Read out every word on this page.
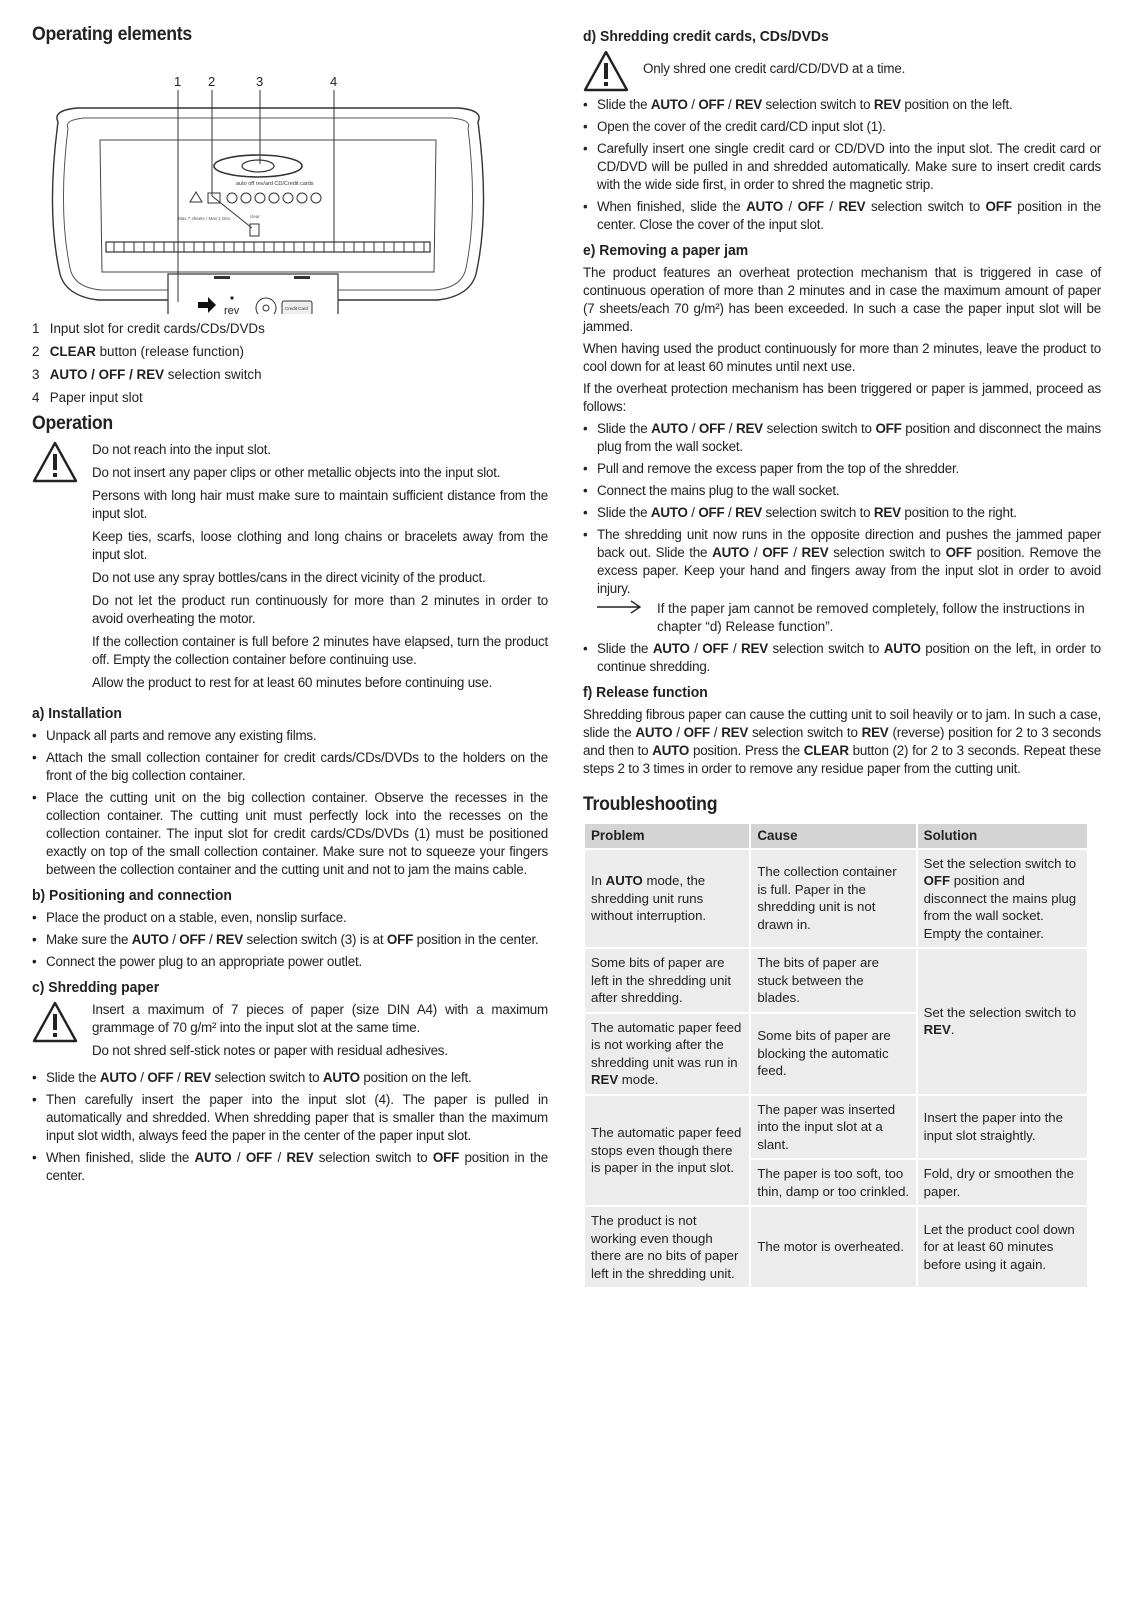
Operating elements
1 2	3	4
auto off rev/ard CD/Credit cards
Max 7 sheets / Max 1 Disc	clear
rev	Credit Card
1 Input slot for credit cards/CDs/DVDs
2 CLEAR button (release function)
3 AUTO / OFF / REV selection switch
4 Paper input slot
Operation
Do not reach into the input slot.
Do not insert any paper clips or other metallic objects into the input slot.
Persons with long hair must make sure to maintain sufficient distance from the input slot.
Keep ties, scarfs, loose clothing and long chains or bracelets away from the input slot.
Do not use any spray bottles/cans in the direct vicinity of the product.
Do not let the product run continuously for more than 2 minutes in order to avoid overheating the motor.
If the collection container is full before 2 minutes have elapsed, turn the product off. Empty the collection container before continuing use.
Allow the product to rest for at least 60 minutes before continuing use.
a) Installation
• Unpack all parts and remove any existing films.
• Attach the small collection container for credit cards/CDs/DVDs to the holders on the front of the big collection container.
• Place the cutting unit on the big collection container. Observe the recesses in the collection container. The cutting unit must perfectly lock into the recesses on the collection container. The input slot for credit cards/CDs/DVDs (1) must be positioned exactly on top of the small collection container. Make sure not to squeeze your fingers between the collection container and the cutting unit and not to jam the mains cable.
b) Positioning and connection
• Place the product on a stable, even, nonslip surface.
• Make sure the AUTO / OFF / REV selection switch (3) is at OFF position in the center.
• Connect the power plug to an appropriate power outlet.
c) Shredding paper
Insert a maximum of 7 pieces of paper (size DIN A4) with a maximum grammage of 70 g/m² into the input slot at the same time.
Do not shred self-stick notes or paper with residual adhesives.
• Slide the AUTO / OFF / REV selection switch to AUTO position on the left.
• Then carefully insert the paper into the input slot (4). The paper is pulled in automatically and shredded. When shredding paper that is smaller than the maximum input slot width, always feed the paper in the center of the paper input slot.
• When finished, slide the AUTO / OFF / REV selection switch to OFF position in the center.
d) Shredding credit cards, CDs/DVDs
Only shred one credit card/CD/DVD at a time.
• Slide the AUTO / OFF / REV selection switch to REV position on the left.
• Open the cover of the credit card/CD input slot (1).
• Carefully insert one single credit card or CD/DVD into the input slot. The credit card or CD/DVD will be pulled in and shredded automatically. Make sure to insert credit cards with the wide side first, in order to shred the magnetic strip.
• When finished, slide the AUTO / OFF / REV selection switch to OFF position in the center. Close the cover of the input slot.
e) Removing a paper jam

The product features an overheat protection mechanism that is triggered in case of continuous operation of more than 2 minutes and in case the maximum amount of paper (7 sheets/each 70 g/m²) has been exceeded. In such a case the paper input slot will be jammed.

When having used the product continuously for more than 2 minutes, leave the product to cool down for at least 60 minutes until next use.

If the overheat protection mechanism has been triggered or paper is jammed, proceed as follows:

• Slide the AUTO / OFF / REV selection switch to OFF position and disconnect the mains plug from the wall socket.
• Pull and remove the excess paper from the top of the shredder.
• Connect the mains plug to the wall socket.
• Slide the AUTO / OFF / REV selection switch to REV position to the right.
• The shredding unit now runs in the opposite direction and pushes the jammed paper back out. Slide the AUTO / OFF / REV selection switch to OFF position. Remove the excess paper. Keep your hand and fingers away from the input slot in order to avoid injury.
If the paper jam cannot be removed completely, follow the instructions in chapter “d) Release function”.
• Slide the AUTO / OFF / REV selection switch to AUTO position on the left, in order to continue shredding.
f) Release function

Shredding fibrous paper can cause the cutting unit to soil heavily or to jam. In such a case, slide the AUTO / OFF / REV selection switch to REV (reverse) position for 2 to 3 seconds and then to AUTO position. Press the CLEAR button (2) for 2 to 3 seconds. Repeat these steps 2 to 3 times in order to remove any residue paper from the cutting unit.

Troubleshooting
Problem	Cause	Solution
In AUTO mode, the shredding unit runs without interruption.	The collection container is full. Paper in the shredding unit is not drawn in.	Set the selection switch to OFF position and disconnect the mains plug from the wall socket. Empty the container.
Some bits of paper are left in the shredding unit after shredding.	The bits of paper are stuck between the blades.	Set the selection switch to REV.
The automatic paper feed is not working after the shredding unit was run in REV mode.	Some bits of paper are blocking the automatic feed.	
The automatic paper feed stops even though there is paper in the input slot.	The paper was inserted into the input slot at a slant.	Insert the paper into the input slot straightly.
	The paper is too soft, too thin, damp or too crinkled.	Fold, dry or smoothen the paper.
The product is not working even though there are no bits of paper left in the shredding unit.	The motor is overheated.	Let the product cool down for at least 60 minutes before using it again.
